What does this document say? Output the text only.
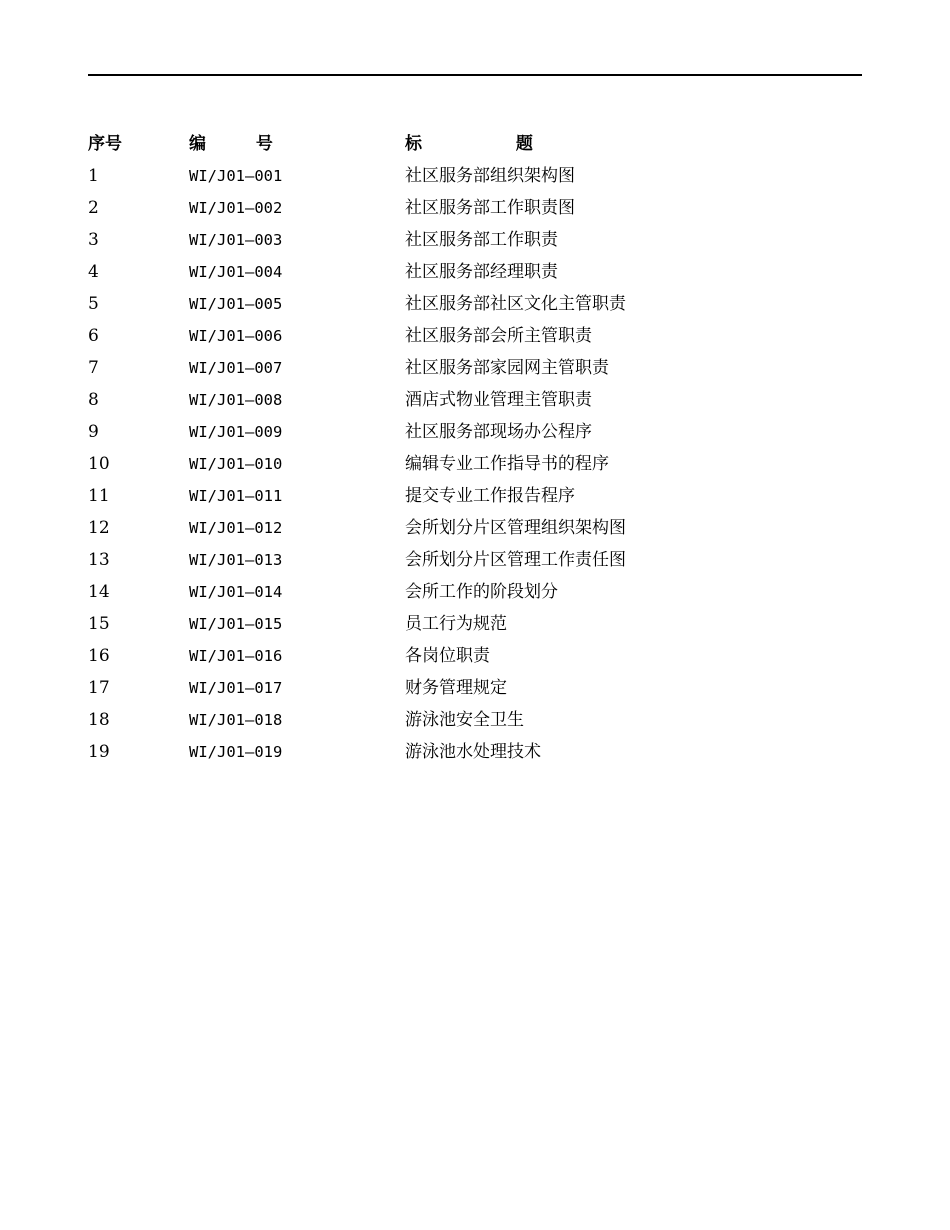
序号	编 号	标 题
1	WI/J01—001	社区服务部组织架构图
2	WI/J01—002	社区服务部工作职责图
3	WI/J01—003	社区服务部工作职责
4	WI/J01—004	社区服务部经理职责
5	WI/J01—005	社区服务部社区文化主管职责
6	WI/J01—006	社区服务部会所主管职责
7	WI/J01—007	社区服务部家园网主管职责
8	WI/J01—008	酒店式物业管理主管职责
9	WI/J01—009	社区服务部现场办公程序
10	WI/J01—010	编辑专业工作指导书的程序
11	WI/J01—011	提交专业工作报告程序
12	WI/J01—012	会所划分片区管理组织架构图
13	WI/J01—013	会所划分片区管理工作责任图
14	WI/J01—014	会所工作的阶段划分
15	WI/J01—015	员工行为规范
16	WI/J01—016	各岗位职责
17	WI/J01—017	财务管理规定
18	WI/J01—018	游泳池安全卫生
19	WI/J01—019	游泳池水处理技术
